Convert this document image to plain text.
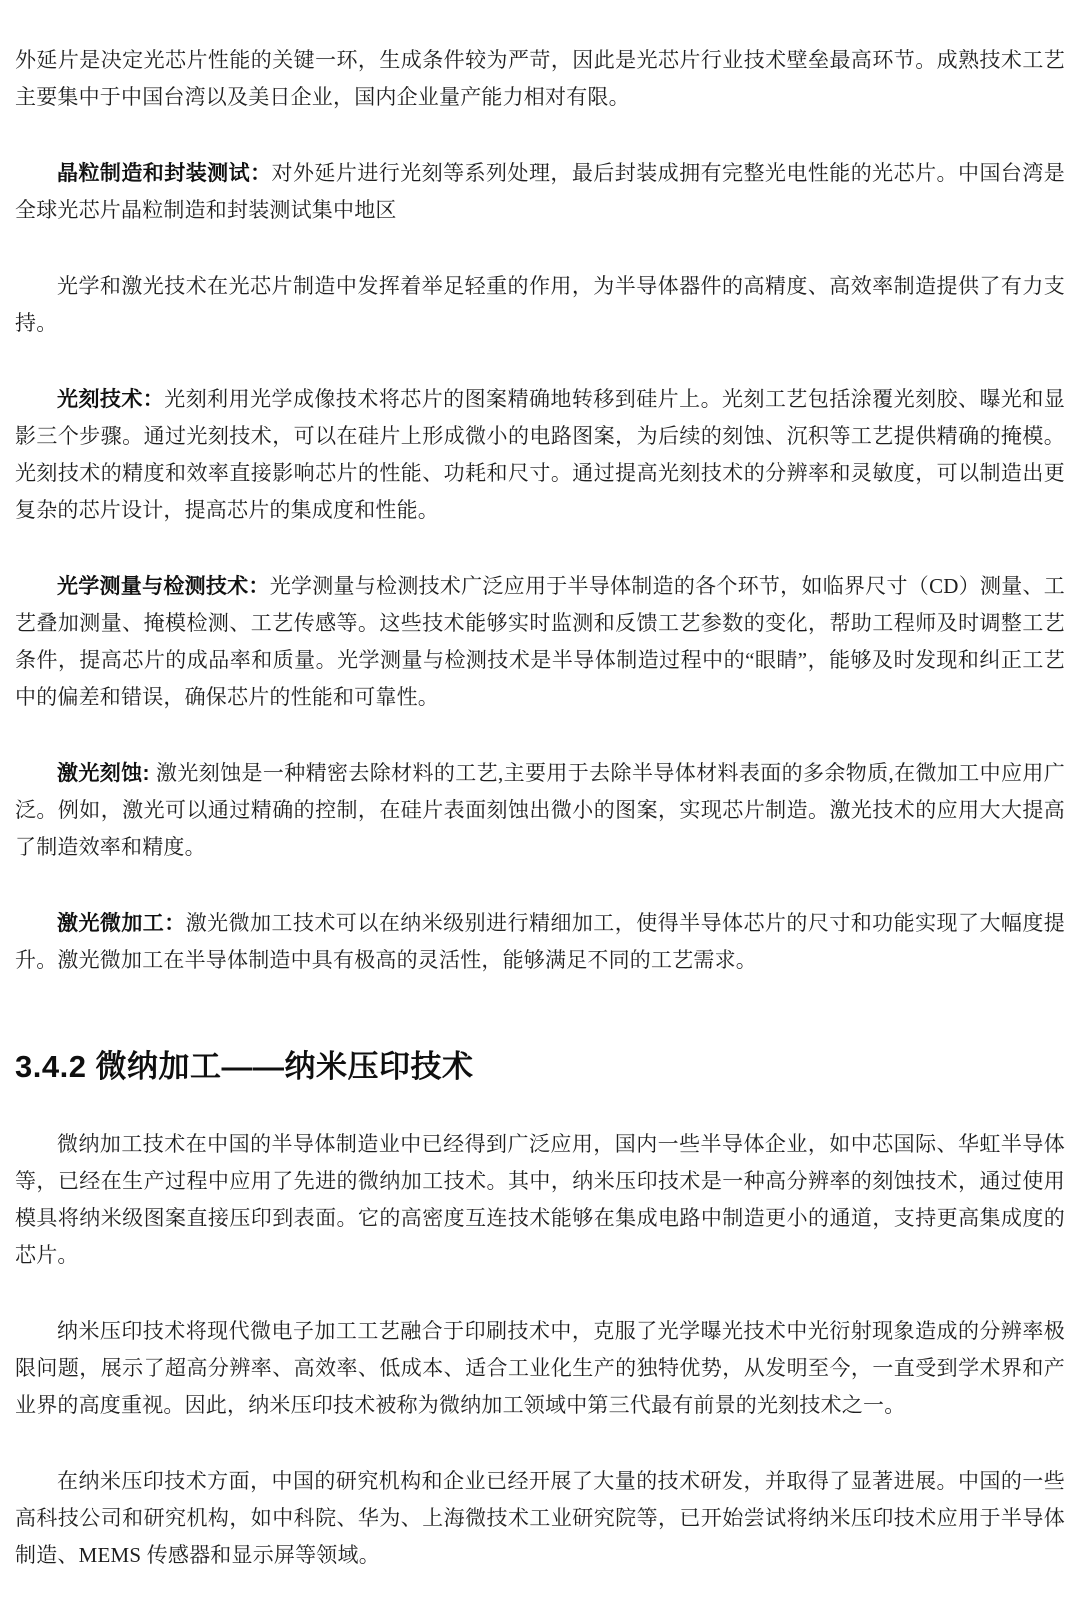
外延片是决定光芯片性能的关键一环，生成条件较为严苛，因此是光芯片行业技术壁垒最高环节。成熟技术工艺主要集中于中国台湾以及美日企业，国内企业量产能力相对有限。

晶粒制造和封装测试：对外延片进行光刻等系列处理，最后封装成拥有完整光电性能的光芯片。中国台湾是全球光芯片晶粒制造和封装测试集中地区

光学和激光技术在光芯片制造中发挥着举足轻重的作用，为半导体器件的高精度、高效率制造提供了有力支持。

光刻技术：光刻利用光学成像技术将芯片的图案精确地转移到硅片上。光刻工艺包括涂覆光刻胶、曝光和显影三个步骤。通过光刻技术，可以在硅片上形成微小的电路图案，为后续的刻蚀、沉积等工艺提供精确的掩模。光刻技术的精度和效率直接影响芯片的性能、功耗和尺寸。通过提高光刻技术的分辨率和灵敏度，可以制造出更复杂的芯片设计，提高芯片的集成度和性能。

光学测量与检测技术：光学测量与检测技术广泛应用于半导体制造的各个环节，如临界尺寸（CD）测量、工艺叠加测量、掩模检测、工艺传感等。这些技术能够实时监测和反馈工艺参数的变化，帮助工程师及时调整工艺条件，提高芯片的成品率和质量。光学测量与检测技术是半导体制造过程中的“眼睛”，能够及时发现和纠正工艺中的偏差和错误，确保芯片的性能和可靠性。

激光刻蚀: 激光刻蚀是一种精密去除材料的工艺,主要用于去除半导体材料表面的多余物质,在微加工中应用广泛。例如，激光可以通过精确的控制，在硅片表面刻蚀出微小的图案，实现芯片制造。激光技术的应用大大提高了制造效率和精度。

激光微加工：激光微加工技术可以在纳米级别进行精细加工，使得半导体芯片的尺寸和功能实现了大幅度提升。激光微加工在半导体制造中具有极高的灵活性，能够满足不同的工艺需求。

3.4.2 微纳加工——纳米压印技术

微纳加工技术在中国的半导体制造业中已经得到广泛应用，国内一些半导体企业，如中芯国际、华虹半导体等，已经在生产过程中应用了先进的微纳加工技术。其中，纳米压印技术是一种高分辨率的刻蚀技术，通过使用模具将纳米级图案直接压印到表面。它的高密度互连技术能够在集成电路中制造更小的通道，支持更高集成度的芯片。

纳米压印技术将现代微电子加工工艺融合于印刷技术中，克服了光学曝光技术中光衍射现象造成的分辨率极限问题，展示了超高分辨率、高效率、低成本、适合工业化生产的独特优势，从发明至今，一直受到学术界和产业界的高度重视。因此，纳米压印技术被称为微纳加工领域中第三代最有前景的光刻技术之一。

在纳米压印技术方面，中国的研究机构和企业已经开展了大量的技术研发，并取得了显著进展。中国的一些高科技公司和研究机构，如中科院、华为、上海微技术工业研究院等，已开始尝试将纳米压印技术应用于半导体制造、MEMS 传感器和显示屏等领域。
